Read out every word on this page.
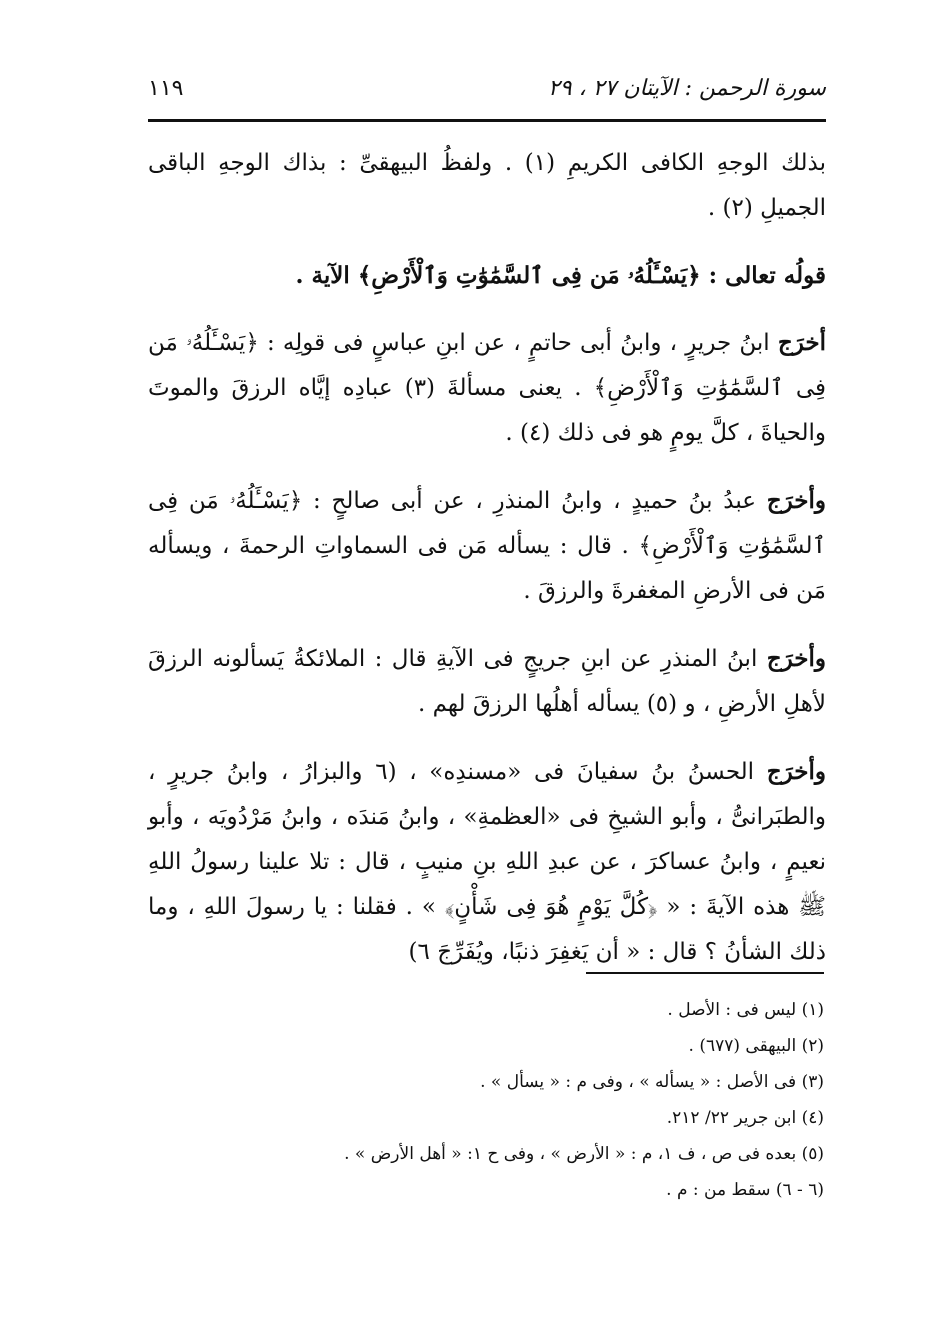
١١٩	سورة الرحمن : الآيتان ٢٧ ، ٢٩

بذلك الوجهِ الكافى الكريمِ (١) . ولفظُ البيهقىِّ : بذاك الوجهِ الباقى الجميلِ (٢) .

قولُه تعالى : ﴿يَسْـَٔلُهُۥ مَن فِى ٱلسَّمَٰوَٰتِ وَٱلْأَرْضِ﴾ الآية .

أخرَج ابنُ جريرٍ ، وابنُ أبى حاتمٍ ، عن ابنِ عباسٍ فى قولِه : ﴿يَسْـَٔلُهُۥ مَن فِى ٱلسَّمَٰوَٰتِ وَٱلْأَرْضِ﴾ . يعنى مسألةَ (٣) عبادِه إيَّاه الرزقَ والموتَ والحياةَ ، كلَّ يومٍ هو فى ذلك (٤) .

وأخرَج عبدُ بنُ حميدٍ ، وابنُ المنذرِ ، عن أبى صالحٍ : ﴿يَسْـَٔلُهُۥ مَن فِى ٱلسَّمَٰوَٰتِ وَٱلْأَرْضِ﴾ . قال : يسأله مَن فى السماواتِ الرحمةَ ، ويسأله مَن فى الأرضِ المغفرةَ والرزقَ .

وأخرَج ابنُ المنذرِ عن ابنِ جريجٍ فى الآيةِ قال : الملائكةُ يَسألونه الرزقَ لأهلِ الأرضِ ، و (٥) يسأله أهلُها الرزقَ لهم .

وأخرَج الحسنُ بنُ سفيانَ فى «مسندِه» ، (٦ والبزارُ ، وابنُ جريرٍ ، والطبَرانىُّ ، وأبو الشيخِ فى «العظمةِ» ، وابنُ مَندَه ، وابنُ مَرْدُويَه ، وأبو نعيمٍ ، وابنُ عساكرَ ، عن عبدِ اللهِ بنِ منيبٍ ، قال : تلا علينا رسولُ اللهِ ﷺ هذه الآيةَ : « ﴿كُلَّ يَوْمٍ هُوَ فِى شَأْنٍ﴾ » . فقلنا : يا رسولَ اللهِ ، وما ذلك الشأنُ ؟ قال : « أن يَغفِرَ ذنبًا، ويُفَرِّجَ ٦)

(١) ليس فى : الأصل .
(٢) البيهقى (٦٧٧) .
(٣) فى الأصل : « يسأله » ، وفى م : « يسأل » .
(٤) ابن جرير ٢٢/ ٢١٢.
(٥) بعده فى ص ، ف ١، م : « الأرض » ، وفى ح ١: « أهل الأرض » .
(٦ - ٦) سقط من : م .
